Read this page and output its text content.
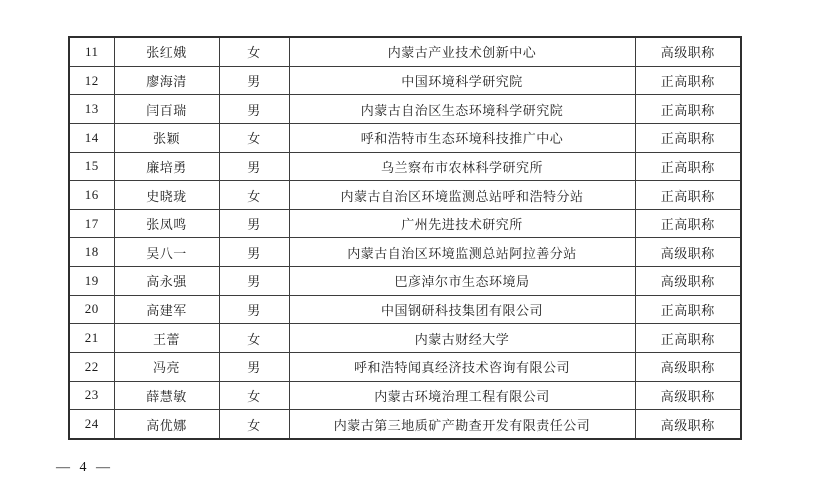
11	张红娥	女	内蒙古产业技术创新中心	高级职称
12	廖海清	男	中国环境科学研究院	正高职称
13	闫百瑞	男	内蒙古自治区生态环境科学研究院	正高职称
14	张颖	女	呼和浩特市生态环境科技推广中心	正高职称
15	廉培勇	男	乌兰察布市农林科学研究所	正高职称
16	史晓珑	女	内蒙古自治区环境监测总站呼和浩特分站	正高职称
17	张凤鸣	男	广州先进技术研究所	正高职称
18	吴八一	男	内蒙古自治区环境监测总站阿拉善分站	高级职称
19	高永强	男	巴彦淖尔市生态环境局	高级职称
20	高建军	男	中国钢研科技集团有限公司	正高职称
21	王蕾	女	内蒙古财经大学	正高职称
22	冯亮	男	呼和浩特闻真经济技术咨询有限公司	高级职称
23	薛慧敏	女	内蒙古环境治理工程有限公司	高级职称
24	高优娜	女	内蒙古第三地质矿产勘查开发有限责任公司	高级职称
— 4 —
